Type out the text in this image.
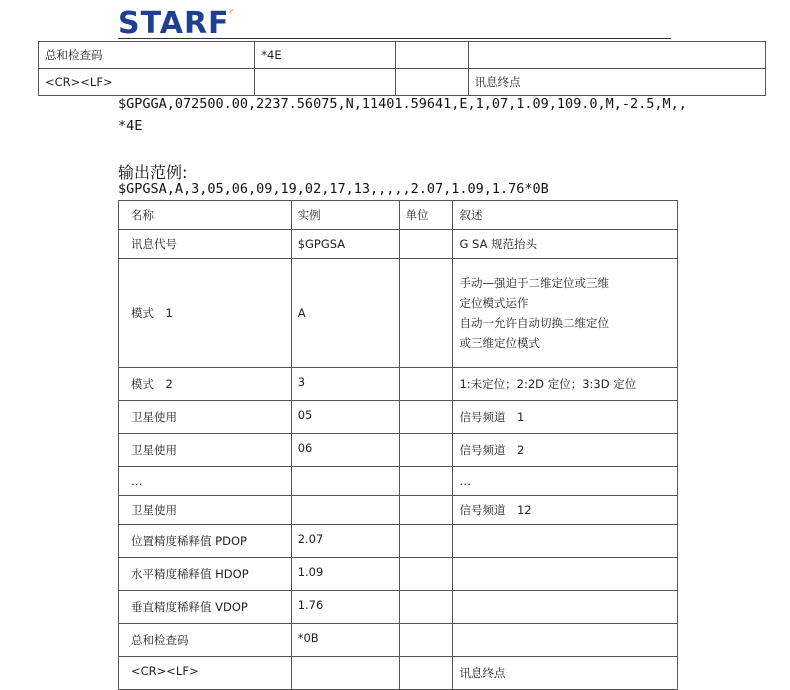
STARF◜
总和检查码	*4E		
<CR><LF>			讯息终点
$GPGGA,072500.00,2237.56075,N,11401.59641,E,1,07,1.09,109.0,M,-2.5,M,,
*4E
输出范例:
$GPGSA,A,3,05,06,09,19,02,17,13,,,,,2.07,1.09,1.76*0B
名称	实例	单位	叙述
讯息代号	$GPGSA		G SA 规范抬头
模式　1	A		手动—强迫于二维定位或三维
定位模式运作
自动一允许自动切换二维定位
或三维定位模式

模式　2	3		1:未定位；2:2D 定位；3:3D 定位
卫星使用	05		信号频道　1
卫星使用	06		信号频道　2
…			…
卫星使用			信号频道　12
位置精度稀释值 PDOP	2.07		
水平精度稀释值 HDOP	1.09		
垂直精度稀释值 VDOP	1.76		
总和检查码	*0B		
<CR><LF>			讯息终点
